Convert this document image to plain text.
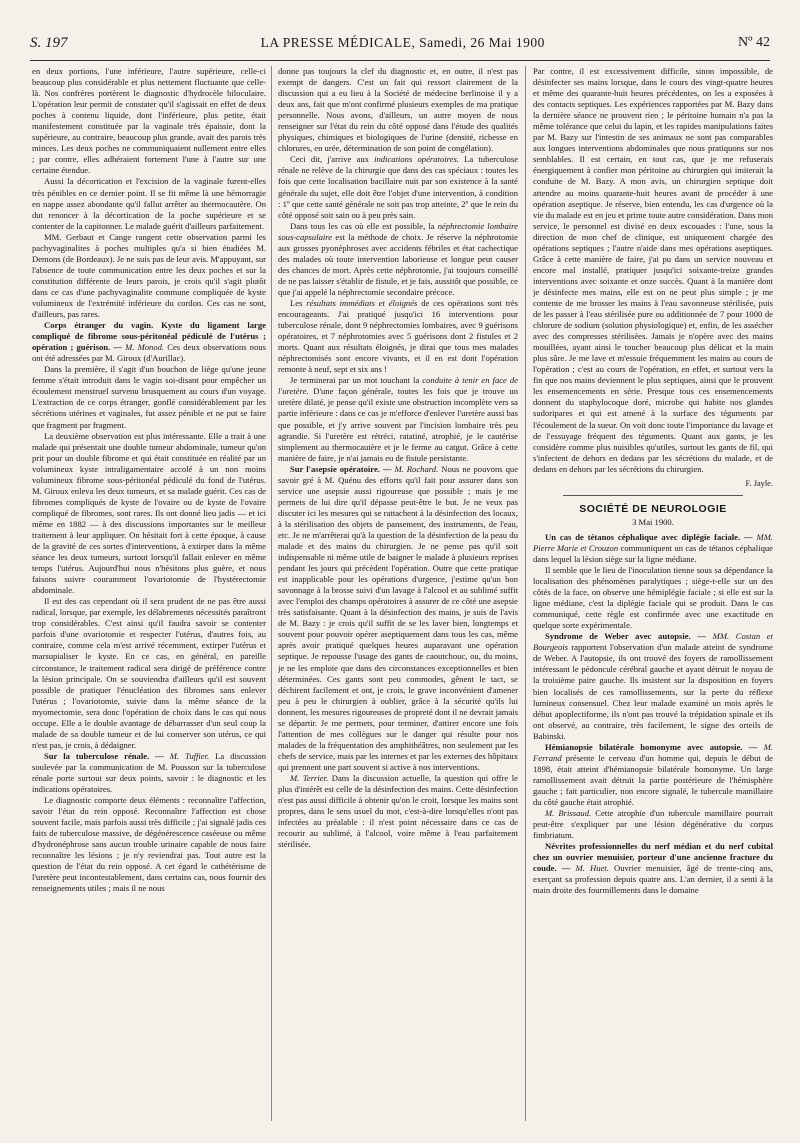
S. 197	LA PRESSE MÉDICALE, Samedi, 26 Mai 1900	Nº 42

en deux portions, l'une inférieure, l'autre supérieure, celle-ci beaucoup plus considérable et plus nettement fluctuante que celle-là. Nos confrères portèrent le diagnostic d'hydrocèle biloculaire. L'opération leur permit de constater qu'il s'agissait en effet de deux poches à contenu liquide, dont l'inférieure, plus petite, était manifestement constituée par la vaginale très épaissie, dont la supérieure, au contraire, beaucoup plus grande, avait des parois très minces. Les deux poches ne communiquaient nullement entre elles ; par contre, elles adhéraient fortement l'une à l'autre sur une certaine étendue.

Aussi la décortication et l'excision de la vaginale furent-elles très pénibles en ce dernier point. Il se fit même là une hémorragie en nappe assez abondante qu'il fallut arrêter au thermocautère. On dut renoncer à la décortication de la poche supérieure et se contenter de la capitonner. Le malade guérit d'ailleurs parfaitement.

MM. Gerbaut et Cange rangent cette observation parmi les pachyvaginalites à poches multiples qu'a si bien étudiées M. Demons (de Bordeaux). Je ne suis pas de leur avis. M'appuyant, sur l'absence de toute communication entre les deux poches et sur la constitution différente de leurs parois, je crois qu'il s'agit plutôt dans ce cas d'une pachyvaginalite commune compliquée de kyste volumineux de l'extrémité inférieure du cordon. Ces cas ne sont, d'ailleurs, pas rares.

Corps étranger du vagin. Kyste du ligament large compliqué de fibrome sous-péritonéal pédiculé de l'utérus ; opération ; guérison. — M. Monod. Ces deux observations nous ont été adressées par M. Giroux (d'Aurillac).

Dans la première, il s'agit d'un bouchon de liège qu'une jeune femme s'était introduit dans le vagin soi-disant pour empêcher un écoulement menstruel survenu brusquement au cours d'un voyage. L'extraction de ce corps étranger, gonflé considérablement par les sécrétions utérines et vaginales, fut assez pénible et ne put se faire que fragment par fragment.

La deuxième observation est plus intéressante. Elle a trait à une malade qui présentait une double tumeur abdominale, tumeur qu'on prit pour un double fibrome et qui était constituée en réalité par un volumineux kyste intraligamentaire accolé à un non moins volumineux fibrome sous-péritonéal pédiculé du fond de l'utérus. M. Giroux enleva les deux tumeurs, et sa malade guérit. Ces cas de fibromes compliqués de kyste de l'ovaire ou de kyste de l'ovaire compliqué de fibromes, sont rares. Ils ont donné lieu jadis — et ici même en 1882 — à des discussions importantes sur le meilleur traitement à leur appliquer. On hésitait fort à cette époque, à cause de la gravité de ces sortes d'interventions, à extirper dans la même séance les deux tumeurs, surtout lorsqu'il fallait enlever en même temps l'utérus. Aujourd'hui nous n'hésitons plus guère, et nous faisons suivre couramment l'ovariotomie de l'hystérectomie abdominale.

Il est des cas cependant où il sera prudent de ne pas être aussi radical, lorsque, par exemple, les délabrements nécessités paraîtront trop considérables. C'est ainsi qu'il faudra savoir se contenter parfois d'une ovariotomie et respecter l'utérus, d'autres fois, au contraire, comme cela m'est arrivé récemment, extirper l'utérus et marsupialiser le kyste. En ce cas, en général, en pareille circonstance, le traitement radical sera dirigé de préférence contre la lésion principale. On se souviendra d'ailleurs qu'il est souvent possible de pratiquer l'énucléation des fibromes sans enlever l'utérus ; l'ovariotomie, suivie dans la même séance de la myomectomie, sera donc l'opération de choix dans le cas qui nous occupe. Elle a le double avantage de débarrasser d'un seul coup la malade de sa double tumeur et de lui conserver son utérus, ce qui n'est pas, je crois, à dédaigner.

Sur la tuberculose rénale. — M. Tuffier. La discussion soulevée par la communication de M. Pousson sur la tuberculose rénale porte surtout sur deux points, savoir : le diagnostic et les indications opératoires.

Le diagnostic comporte deux éléments : reconnaître l'affection, savoir l'état du rein opposé. Reconnaître l'affection est chose souvent facile, mais parfois aussi très difficile ; j'ai signalé jadis ces faits de tuberculose massive, de dégénérescence caséeuse ou même d'hydronéphrose sans aucun trouble urinaire capable de nous faire reconnaître les lésions ; je n'y reviendrai pas. Tout autre est la question de l'état du rein opposé. A cet égard le cathétérisme de l'uretère peut incontestablement, dans certains cas, nous fournir des renseignements utiles ; mais il ne nous

donne pas toujours la clef du diagnostic et, en outre, il n'est pas exempt de dangers. C'est un fait qui ressort clairement de la discussion qui a eu lieu à la Société de médecine berlinoise il y a deux ans, fait que m'ont confirmé plusieurs exemples de ma pratique personnelle. Nous avons, d'ailleurs, un autre moyen de nous renseigner sur l'état du rein du côté opposé dans l'étude des qualités physiques, chimiques et biologiques de l'urine (densité, richesse en chlorures, en urée, détermination de son point de congélation).

Ceci dit, j'arrive aux indications opératoires. La tuberculose rénale ne relève de la chirurgie que dans des cas spéciaux : toutes les fois que cette localisation bacillaire nuit par son existence à la santé générale du sujet, elle doit être l'objet d'une intervention, à condition : 1º que cette santé générale ne soit pas trop atteinte, 2º que le rein du côté opposé soit sain ou à peu près sain.

Dans tous les cas où elle est possible, la néphrectomie lombaire sous-capsulaire est la méthode de choix. Je réserve la néphrotomie aux grosses pyonéphroses avec accidents fébriles et état cachectique des malades où toute intervention laborieuse et longue peut causer des chances de mort. Après cette néphrotomie, j'ai toujours conseillé de ne pas laisser s'établir de fistule, et je fais, aussitôt que possible, ce que j'ai appelé la néphrectomie secondaire précoce.

Les résultats immédiats et éloignés de ces opérations sont très encourageants. J'ai pratiqué jusqu'ici 16 interventions pour tuberculose rénale, dont 9 néphrectomies lombaires, avec 9 guérisons opératoires, et 7 néphrotomies avec 5 guérisons dont 2 fistules et 2 morts. Quant aux résultats éloignés, je dirai que tous mes malades néphrectomisés sont encore vivants, et il en est dont l'opération remonte à neuf, sept et six ans !

Je terminerai par un mot touchant la conduite à tenir en face de l'uretère. D'une façon générale, toutes les fois que je trouve un uretère dilaté, je pense qu'il existe une obstruction incomplète vers sa partie inférieure : dans ce cas je m'efforce d'enlever l'uretère aussi bas que possible, et j'y arrive souvent par l'incision lombaire très peu agrandie. Si l'uretère est rétréci, ratatiné, atrophié, je le cautérise simplement au thermocautère et je le ferme au catgut. Grâce à cette manière de faire, je n'ai jamais eu de fistule persistante.

Sur l'asepsie opératoire. — M. Rochard. Nous ne pouvons que savoir gré à M. Quénu des efforts qu'il fait pour assurer dans son service une asepsie aussi rigoureuse que possible ; mais je me permets de lui dire qu'il dépasse peut-être le but. Je ne veux pas discuter ici les mesures qui se rattachent à la désinfection des locaux, à la stérilisation des objets de pansement, des instruments, de l'eau, etc. Je ne m'arrêterai qu'à la question de la désinfection de la peau du malade et des mains du chirurgien. Je ne pense pas qu'il soit indispensable ni même utile de baigner le malade à plusieurs reprises pendant les jours qui précèdent l'opération. Outre que cette pratique est inapplicable pour les opérations d'urgence, j'estime qu'un bon savonnage à la brosse suivi d'un lavage à l'alcool et au sublimé suffit avec l'emploi des champs opératoires à assurer de ce côté une asepsie très satisfaisante. Quant à la désinfection des mains, je suis de l'avis de M. Bazy : je crois qu'il suffit de se les laver bien, longtemps et souvent pour pouvoir opérer aseptiquement dans tous les cas, même après avoir pratiqué quelques heures auparavant une opération septique. Je repousse l'usage des gants de caoutchouc, ou, du moins, je ne les emploie que dans des circonstances exceptionnelles et bien déterminées. Ces gants sont peu commodes, gênent le tact, se déchirent facilement et ont, je crois, le grave inconvénient d'amener peu à peu le chirurgien à oublier, grâce à la sécurité qu'ils lui donnent, les mesures rigoureuses de propreté dont il ne devrait jamais se départir. Je me permets, pour terminer, d'attirer encore une fois l'attention de mes collègues sur le danger qui résulte pour nos malades de la fréquentation des amphithéâtres, non seulement par les chefs de service, mais par les internes et par les externes des hôpitaux qui prennent une part souvent si active à nos interventions.

M. Terrier. Dans la discussion actuelle, la question qui offre le plus d'intérêt est celle de la désinfection des mains. Cette désinfection n'est pas aussi difficile à obtenir qu'on le croit, lorsque les mains sont propres, dans le sens usuel du mot, c'est-à-dire lorsqu'elles n'ont pas infectées au préalable : il n'est point nécessaire dans ce cas de recourir au sublimé, à l'alcool, voire même à l'eau parfaitement stérilisée.

Par contre, il est excessivement difficile, sinon impossible, de désinfecter ses mains lorsque, dans le cours des vingt-quatre heures et même des quarante-huit heures précédentes, on les a exposées à des contacts septiques. Les expériences rapportées par M. Bazy dans la dernière séance ne prouvent rien ; le péritoine humain n'a pas la même tolérance que celui du lapin, et les rapides manipulations faites par M. Bazy sur l'intestin de ses animaux ne sont pas comparables aux longues interventions abdominales que nous pratiquons sur nos semblables. Il est certain, en tout cas, que je me refuserais énergiquement à confier mon péritoine au chirurgien qui imiterait la conduite de M. Bazy. A mon avis, un chirurgien septique doit attendre au moins quarante-huit heures avant de procéder à une opération aseptique. Je réserve, bien entendu, les cas d'urgence où la vie du malade est en jeu et prime toute autre considération. Dans mon service, le personnel est divisé en deux escouades : l'une, sous la direction de mon chef de clinique, est uniquement chargée des opérations septiques ; l'autre n'aide dans mes opérations aseptiques. Grâce à cette manière de faire, j'ai pu dans un service nouveau et encore mal installé, pratiquer jusqu'ici soixante-treize grandes interventions avec soixante et onze succès. Quant à la manière dont je désinfecte mes mains, elle est on ne peut plus simple ; je me contente de me brosser les mains à l'eau savonneuse stérilisée, puis de les passer à l'eau stérilisée pure ou additionnée de 7 pour 1000 de chlorure de sodium (solution physiologique) et, enfin, de les assécher avec des compresses stérilisées. Jamais je n'opère avec des mains mouillées, ayant ainsi le toucher beaucoup plus délicat et la main plus sûre. Je me lave et m'essuie fréquemment les mains au cours de l'opération ; c'est au cours de l'opération, en effet, et surtout vers la fin que nos mains deviennent le plus septiques, ainsi que le prouvent les ensemencements en série. Presque tous ces ensemencements donnent du staphylocoque doré, microbe qui habite nos glandes sudoripares et qui est amené à la surface des téguments par l'écoulement de la sueur. On voit donc toute l'importance du lavage et de l'essuyage fréquent des téguments. Quant aux gants, je les considère comme plus nuisibles qu'utiles, surtout les gants de fil, qui s'infectent de dehors en dedans par les sécrétions du malade, et de dedans en dehors par les sécrétions du chirurgien.

F. Jayle.
SOCIÉTÉ DE NEUROLOGIE
3 Mai 1900.

Un cas de tétanos céphalique avec diplégie faciale. — MM. Pierre Marie et Crouzon communiquent un cas de tétanos céphalique dans lequel la lésion siège sur la ligne médiane.

Il semble que le lieu de l'inoculation tienne sous sa dépendance la localisation des phénomènes paralytiques ; siège-t-elle sur un des côtés de la face, on observe une hémiplégie faciale ; si elle est sur la ligne médiane, c'est la diplégie faciale qui se produit. Dans le cas communiqué, cette règle est confirmée avec une exactitude en quelque sorte expérimentale.

Syndrome de Weber avec autopsie. — MM. Costan et Bourgeois rapportent l'observation d'un malade atteint de syndrome de Weber. A l'autopsie, ils ont trouvé des foyers de ramollissement intéressant le pédoncule cérébral gauche et ayant détruit le noyau de la troisième paire gauche. Ils insistent sur la disposition en foyers bien localisés de ces ramollissements, sur la perte du réflexe lumineux consensuel. Chez leur malade examiné un mois après le début apoplectiforme, ils n'ont pas trouvé la trépidation spinale et ils ont observé, au contraire, très facilement, le signe des orteils de Babinski.

Hémianopsie bilatérale homonyme avec autopsie. — M. Ferrand présente le cerveau d'un homme qui, depuis le début de 1898, était atteint d'hémianopsie bilatérale homonyme. Un large ramollissement avait détruit la partie postérieure de l'hémisphère gauche ; fait particulier, non encore signalé, le tubercule mamillaire du côté gauche était atrophié.

M. Brissaud. Cette atrophie d'un tubercule mamillaire pourrait peut-être s'expliquer par une lésion dégénérative du corpus fimbriatum.

Névrites professionnelles du nerf médian et du nerf cubital chez un ouvrier menuisier, porteur d'une ancienne fracture du coude. — M. Huet. Ouvrier menuisier, âgé de trente-cinq ans, exerçant sa profession depuis quatre ans. L'an dernier, il a senti à la main droite des fourmillements dans le domaine
